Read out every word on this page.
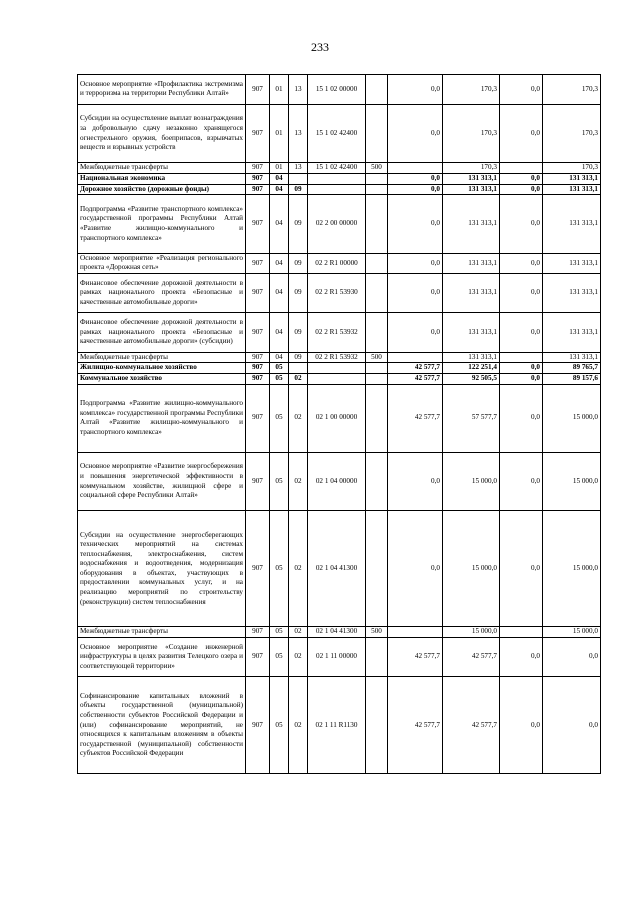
233
Основное мероприятие «Профилактика экстремизма и терроризма на территории Республики Алтай»	907	01	13	15 1 02 00000		0,0	170,3	0,0	170,3
Субсидии на осуществление выплат вознаграждения за добровольную сдачу незаконно хранящегося огнестрельного оружия, боеприпасов, взрывчатых веществ и взрывных устройств	907	01	13	15 1 02 42400		0,0	170,3	0,0	170,3
Межбюджетные трансферты	907	01	13	15 1 02 42400	500		170,3		170,3
Национальная экономика	907	04				0,0	131 313,1	0,0	131 313,1
Дорожное хозяйство (дорожные фонды)	907	04	09			0,0	131 313,1	0,0	131 313,1
Подпрограмма «Развитие транспортного комплекса» государственной программы Республики Алтай «Развитие жилищно-коммунального и транспортного комплекса»	907	04	09	02 2 00 00000		0,0	131 313,1	0,0	131 313,1
Основное мероприятие «Реализация регионального проекта «Дорожная сеть»	907	04	09	02 2 R1 00000		0,0	131 313,1	0,0	131 313,1
Финансовое обеспечение дорожной деятельности в рамках национального проекта «Безопасные и качественные автомобильные дороги»	907	04	09	02 2 R1 53930		0,0	131 313,1	0,0	131 313,1
Финансовое обеспечение дорожной деятельности в рамках национального проекта «Безопасные и качественные автомобильные дороги» (субсидии)	907	04	09	02 2 R1 53932		0,0	131 313,1	0,0	131 313,1
Межбюджетные трансферты	907	04	09	02 2 R1 53932	500		131 313,1		131 313,1
Жилищно-коммунальное хозяйство	907	05				42 577,7	122 251,4	0,0	89 765,7
Коммунальное хозяйство	907	05	02			42 577,7	92 505,5	0,0	89 157,6
Подпрограмма «Развитие жилищно-коммунального комплекса» государственной программы Республики Алтай «Развитие жилищно-коммунального и транспортного комплекса»	907	05	02	02 1 00 00000		42 577,7	57 577,7	0,0	15 000,0
Основное мероприятие «Развитие энергосбережения и повышения энергетической эффективности в коммунальном хозяйстве, жилищной сфере и социальной сфере Республики Алтай»	907	05	02	02 1 04 00000		0,0	15 000,0	0,0	15 000,0
Субсидии на осуществление энергосберегающих технических мероприятий на системах теплоснабжения, электроснабжения, систем водоснабжения и водоотведения, модернизация оборудования в объектах, участвующих в предоставлении коммунальных услуг, и на реализацию мероприятий по строительству (реконструкции) систем теплоснабжения	907	05	02	02 1 04 41300		0,0	15 000,0	0,0	15 000,0
Межбюджетные трансферты	907	05	02	02 1 04 41300	500		15 000,0		15 000,0
Основное мероприятие «Создание инженерной инфраструктуры в целях развития Телецкого озера и соответствующей территории»	907	05	02	02 1 11 00000		42 577,7	42 577,7	0,0	0,0
Софинансирование капитальных вложений в объекты государственной (муниципальной) собственности субъектов Российской Федерации и (или) софинансирование мероприятий, не относящихся к капитальным вложениям в объекты государственной (муниципальной) собственности субъектов Российской Федерации	907	05	02	02 1 11 R1130		42 577,7	42 577,7	0,0	0,0
